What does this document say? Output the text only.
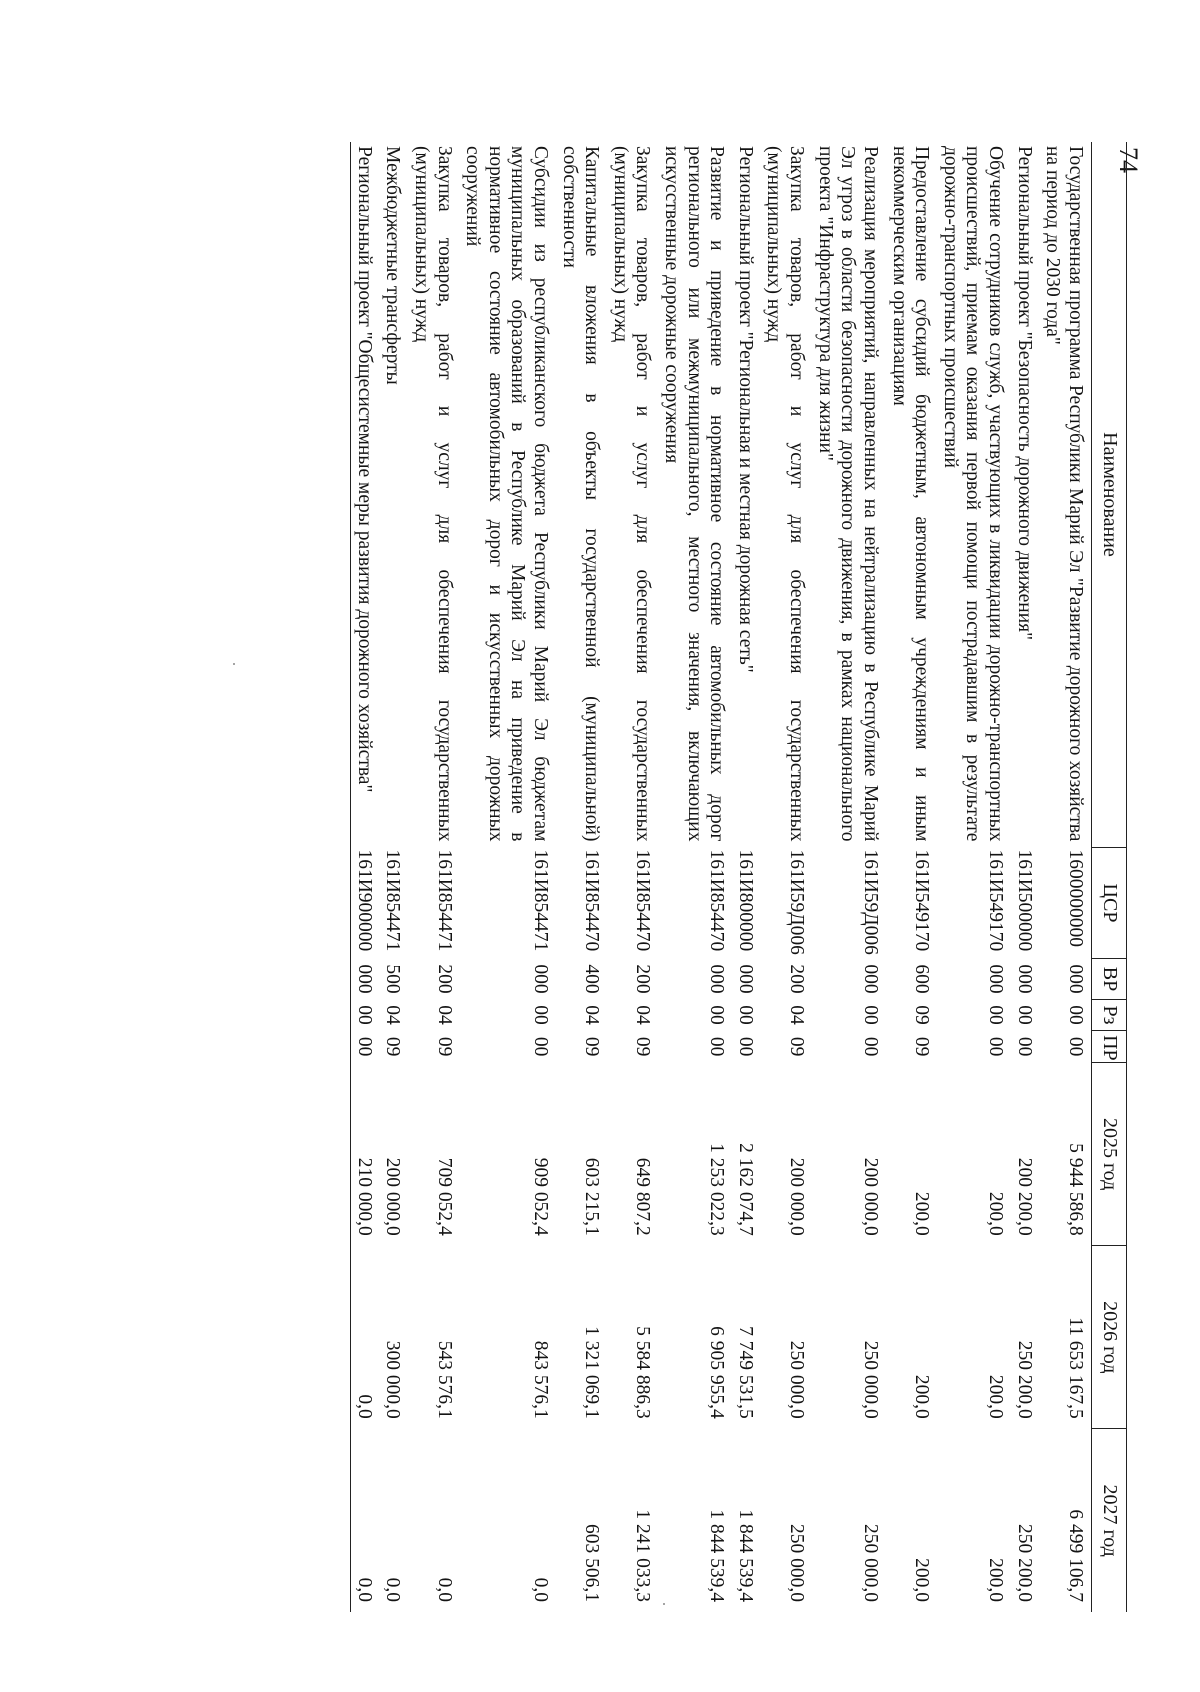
74
Наименование	ЦСР	ВР	Рз	ПР	2025 год	2026 год	2027 год
Государственная программа Республики Марий Эл "Развитие дорожного хозяйства на период до 2030 года"	1600000000	000	00	00	5 944 586,8	11 653 167,5	6 499 106,7

Региональный проект "Безопасность дорожного движения"	161И500000	000	00	00	200 200,0	250 200,0	250 200,0

Обучение сотрудников служб, участвующих в ликвидации дорожно-транспортных происшествий, приемам оказания первой помощи пострадавшим в результате дорожно-транспортных происшествий	161И549170	000	00	00	200,0	200,0	200,0

Предоставление субсидий бюджетным, автономным учреждениям и иным некоммерческим организациям	161И549170	600	09	09	200,0	200,0	200,0

Реализация мероприятий, направленных на нейтрализацию в Республике Марий Эл угроз в области безопасности дорожного движения, в рамках национального проекта "Инфраструктура для жизни"	161И59Д006	000	00	00	200 000,0	250 000,0	250 000,0

Закупка товаров, работ и услуг для обеспечения государственных (муниципальных) нужд	161И59Д006	200	04	09	200 000,0	250 000,0	250 000,0

Региональный проект "Региональная и местная дорожная сеть"	161И800000	000	00	00	2 162 074,7	7 749 531,5	1 844 539,4

Развитие и приведение в нормативное состояние автомобильных дорог регионального или межмуниципального, местного значения, включающих искусственные дорожные сооружения	161И854470	000	00	00	1 253 022,3	6 905 955,4	1 844 539,4

Закупка товаров, работ и услуг для обеспечения государственных (муниципальных) нужд	161И854470	200	04	09	649 807,2	5 584 886,3	1 241 033,3

Капитальные вложения в объекты государственной (муниципальной) собственности	161И854470	400	04	09	603 215,1	1 321 069,1	603 506,1

Субсидии из республиканского бюджета Республики Марий Эл бюджетам муниципальных образований в Республике Марий Эл на приведение в нормативное состояние автомобильных дорог и искусственных дорожных сооружений	161И854471	000	00	00	909 052,4	843 576,1	0,0

Закупка товаров, работ и услуг для обеспечения государственных (муниципальных) нужд	161И854471	200	04	09	709 052,4	543 576,1	0,0

Межбюджетные трансферты	161И854471	500	04	09	200 000,0	300 000,0	0,0

Региональный проект "Общесистемные меры развития дорожного хозяйства"	161И900000	000	00	00	210 000,0	0,0	0,0
